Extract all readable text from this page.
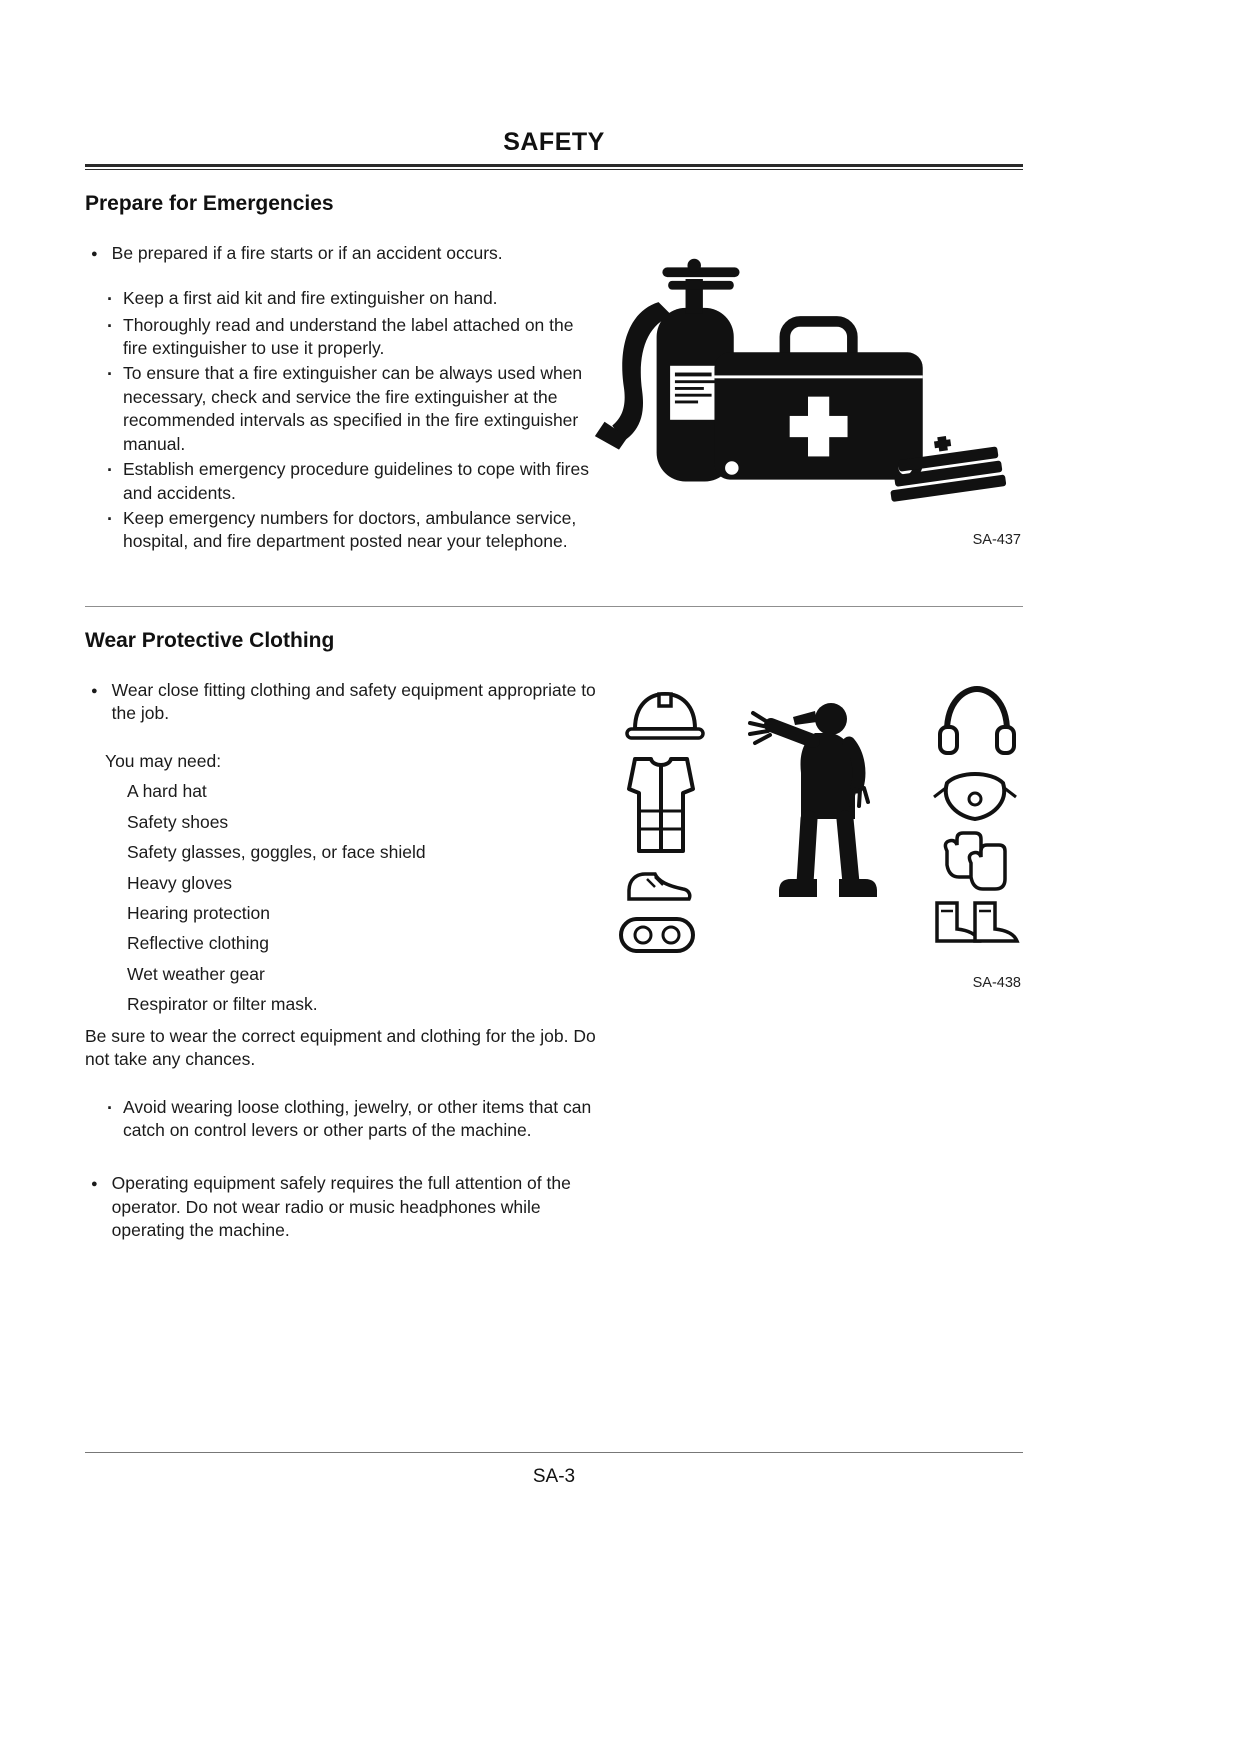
SAFETY
Prepare for Emergencies
● Be prepared if a fire starts or if an accident occurs.
· Keep a first aid kit and fire extinguisher on hand.
· Thoroughly read and understand the label attached on the fire extinguisher to use it properly.
· To ensure that a fire extinguisher can be always used when necessary, check and service the fire extinguisher at the recommended intervals as specified in the fire extinguisher manual.
· Establish emergency procedure guidelines to cope with fires and accidents.
· Keep emergency numbers for doctors, ambulance service, hospital, and fire department posted near your telephone.	SA-437
Wear Protective Clothing
● Wear close fitting clothing and safety equipment appropriate to the job.
You may need:
A hard hat
Safety shoes
Safety glasses, goggles, or face shield
Heavy gloves
Hearing protection
Reflective clothing
Wet weather gear
Respirator or filter mask.

Be sure to wear the correct equipment and clothing for the job. Do not take any chances.

· Avoid wearing loose clothing, jewelry, or other items that can catch on control levers or other parts of the machine.
● Operating equipment safely requires the full attention of the operator. Do not wear radio or music headphones while operating the machine.
SA-438
SA-3
